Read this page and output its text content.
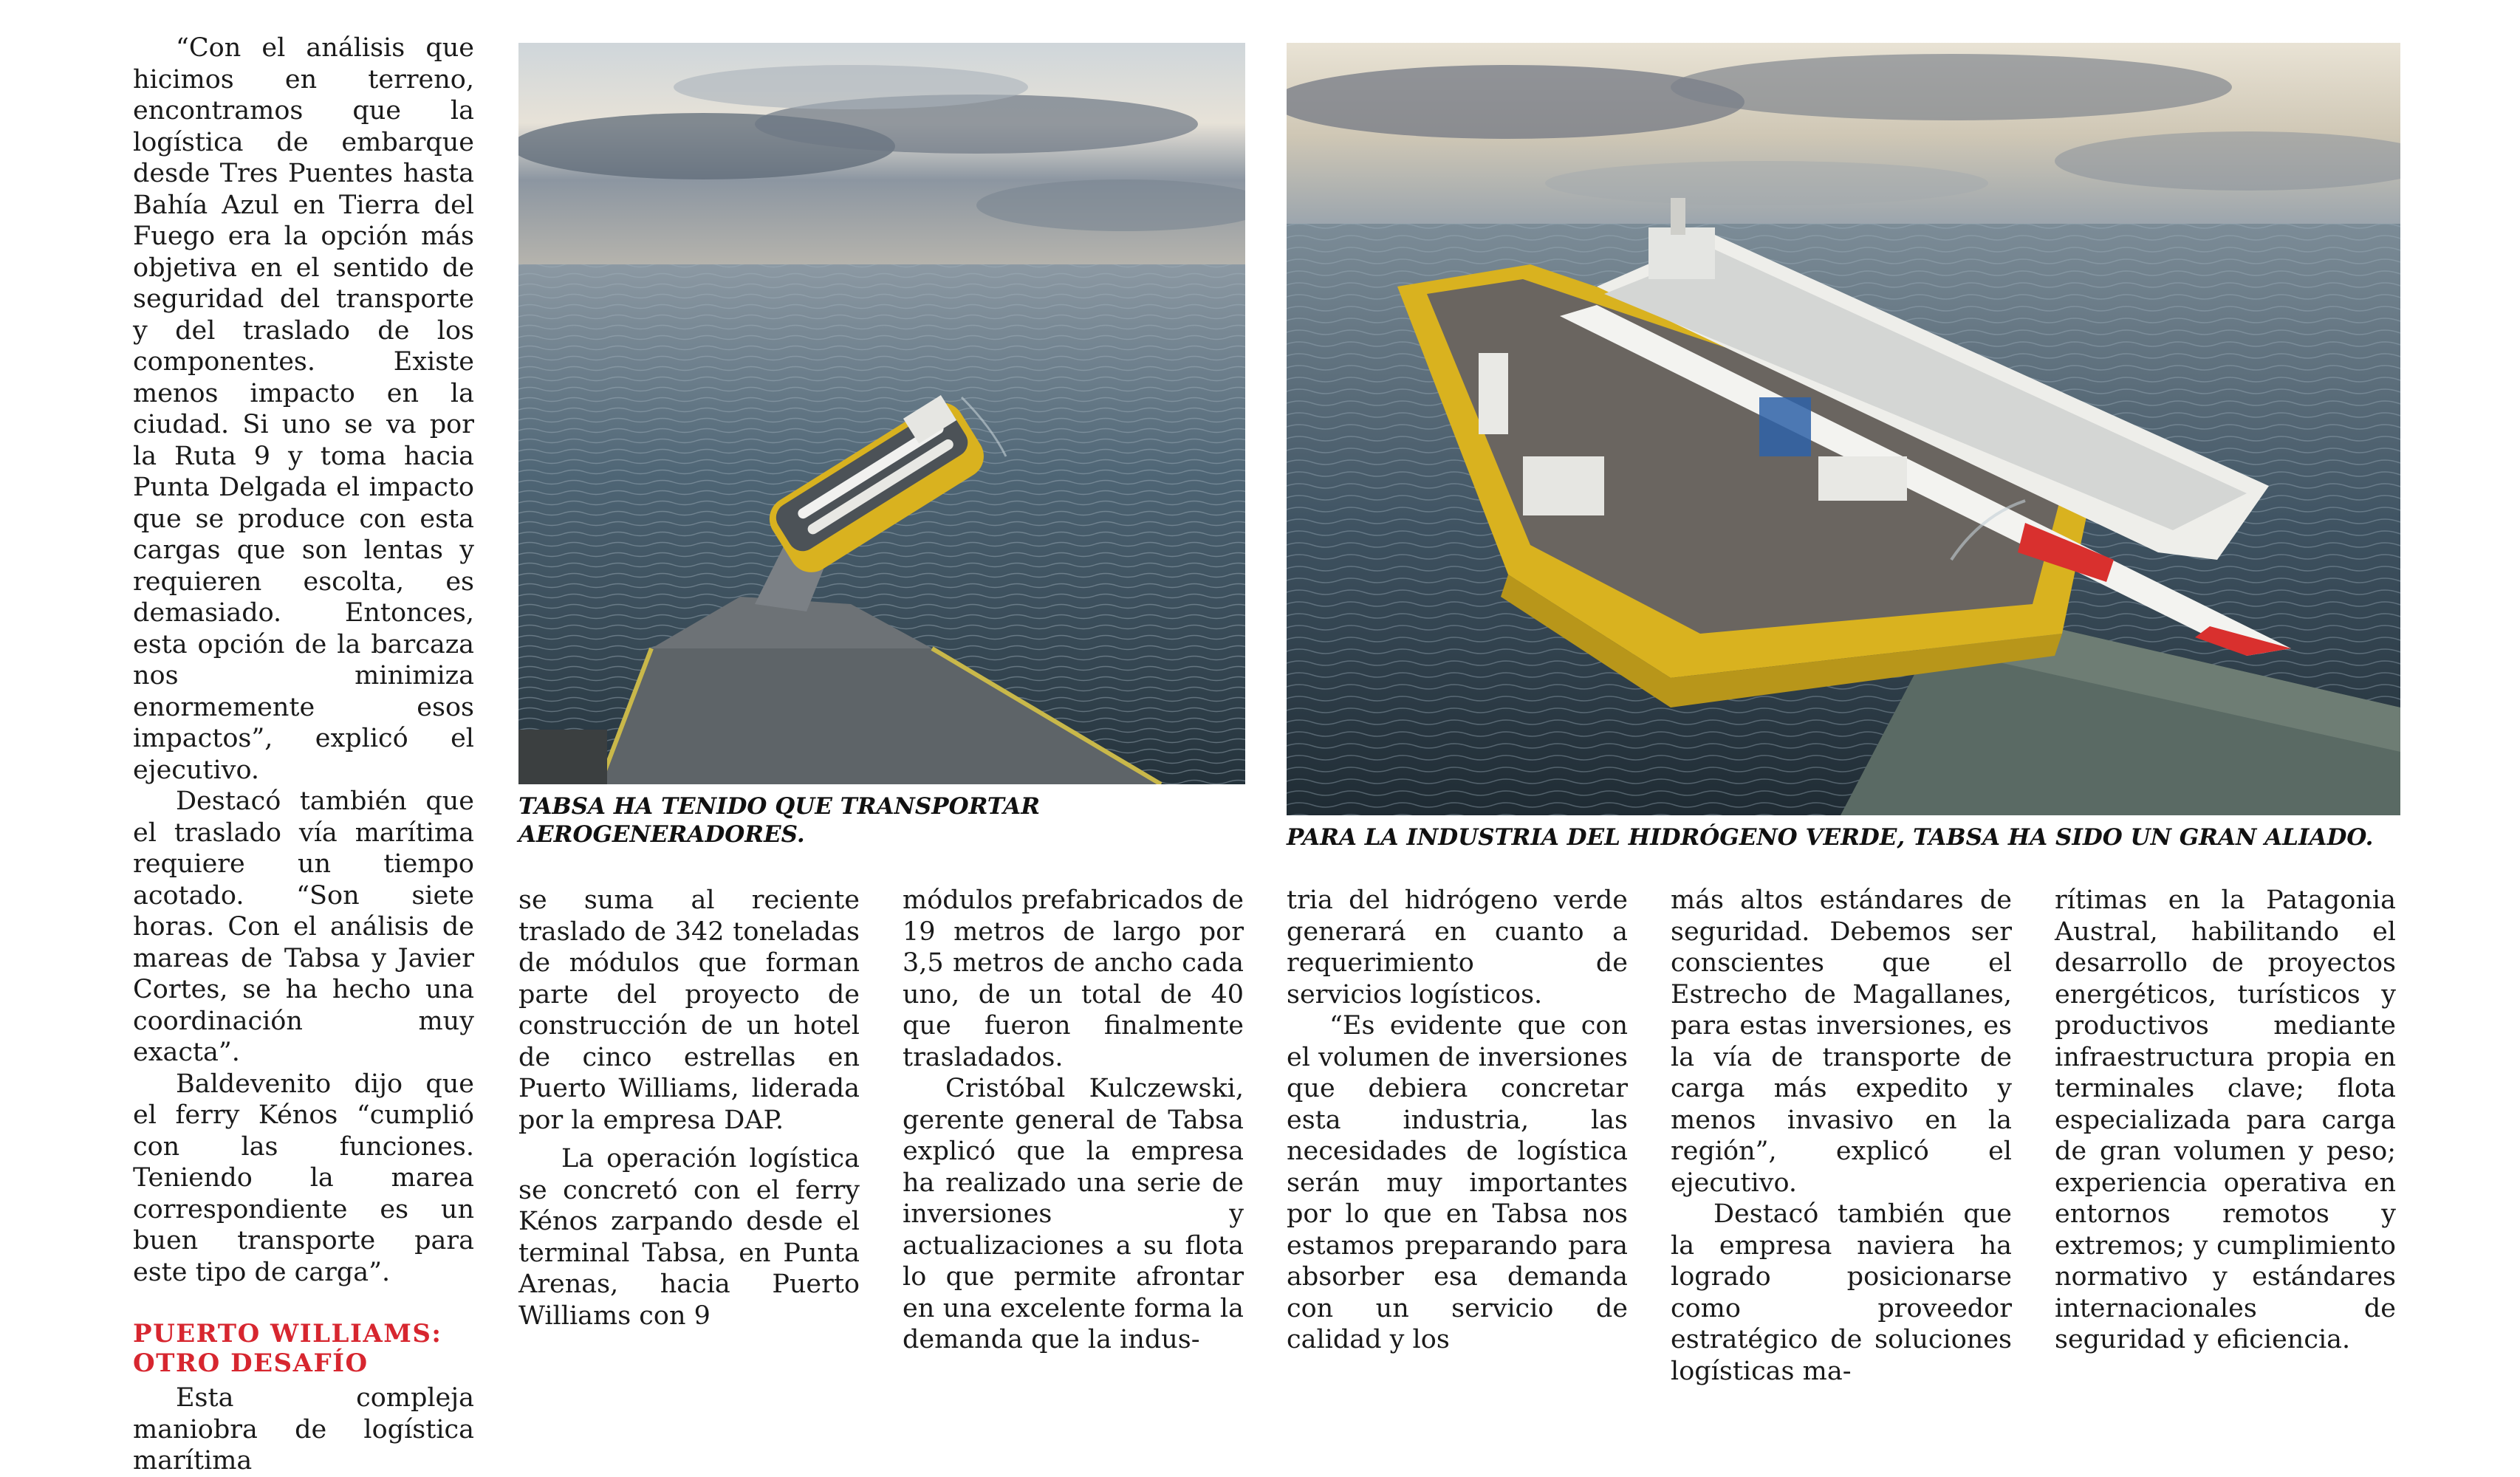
“Con el análisis que hicimos en terreno, encontramos que la logística de embarque desde Tres Puentes hasta Bahía Azul en Tierra del Fuego era la opción más objetiva en el sentido de seguridad del transporte y del traslado de los componentes. Existe menos impacto en la ciudad. Si uno se va por la Ruta 9 y toma hacia Punta Delgada el impacto que se produce con esta cargas que son lentas y requieren escolta, es demasiado. Entonces, esta opción de la barcaza nos minimiza enormemente esos impactos”, explicó el ejecutivo.

Destacó también que el traslado vía marítima requiere un tiempo acotado. “Son siete horas. Con el análisis de mareas de Tabsa y Javier Cortes, se ha hecho una coordinación muy exacta”.

Baldevenito dijo que el ferry Kénos “cumplió con las funciones. Teniendo la marea correspondiente es un buen transporte para este tipo de carga”.

PUERTO WILLIAMS:
OTRO DESAFÍO

Esta compleja maniobra de logística marítima

TABSA HA TENIDO QUE TRANSPORTAR
AEROGENERADORES.	PARA LA INDUSTRIA DEL HIDRÓGENO VERDE, TABSA HA SIDO UN GRAN ALIADO.

se suma al reciente traslado de 342 toneladas de módulos que forman parte del proyecto de construcción de un hotel de cinco estrellas en Puerto Williams, liderada por la empresa DAP.

La operación logística se concretó con el ferry Kénos zarpando desde el terminal Tabsa, en Punta Arenas, hacia Puerto Williams con 9

módulos prefabricados de 19 metros de largo por 3,5 metros de ancho cada uno, de un total de 40 que fueron finalmente trasladados.

Cristóbal Kulczewski, gerente general de Tabsa explicó que la empresa ha realizado una serie de inversiones y actualizaciones a su flota lo que permite afrontar en una excelente forma la demanda que la indus-

tria del hidrógeno verde generará en cuanto a requerimiento de servicios logísticos.

“Es evidente que con el volumen de inversiones que debiera concretar esta industria, las necesidades de logística serán muy importantes por lo que en Tabsa nos estamos preparando para absorber esa demanda con un servicio de calidad y los

más altos estándares de seguridad. Debemos ser conscientes que el Estrecho de Magallanes, para estas inversiones, es la vía de transporte de carga más expedito y menos invasivo en la región”, explicó el ejecutivo.

Destacó también que la empresa naviera ha logrado posicionarse como proveedor estratégico de soluciones logísticas ma-

rítimas en la Patagonia Austral, habilitando el desarrollo de proyectos energéticos, turísticos y productivos mediante infraestructura propia en terminales clave; flota especializada para carga de gran volumen y peso; experiencia operativa en entornos remotos y extremos; y cumplimiento normativo y estándares internacionales de seguridad y eficiencia.
